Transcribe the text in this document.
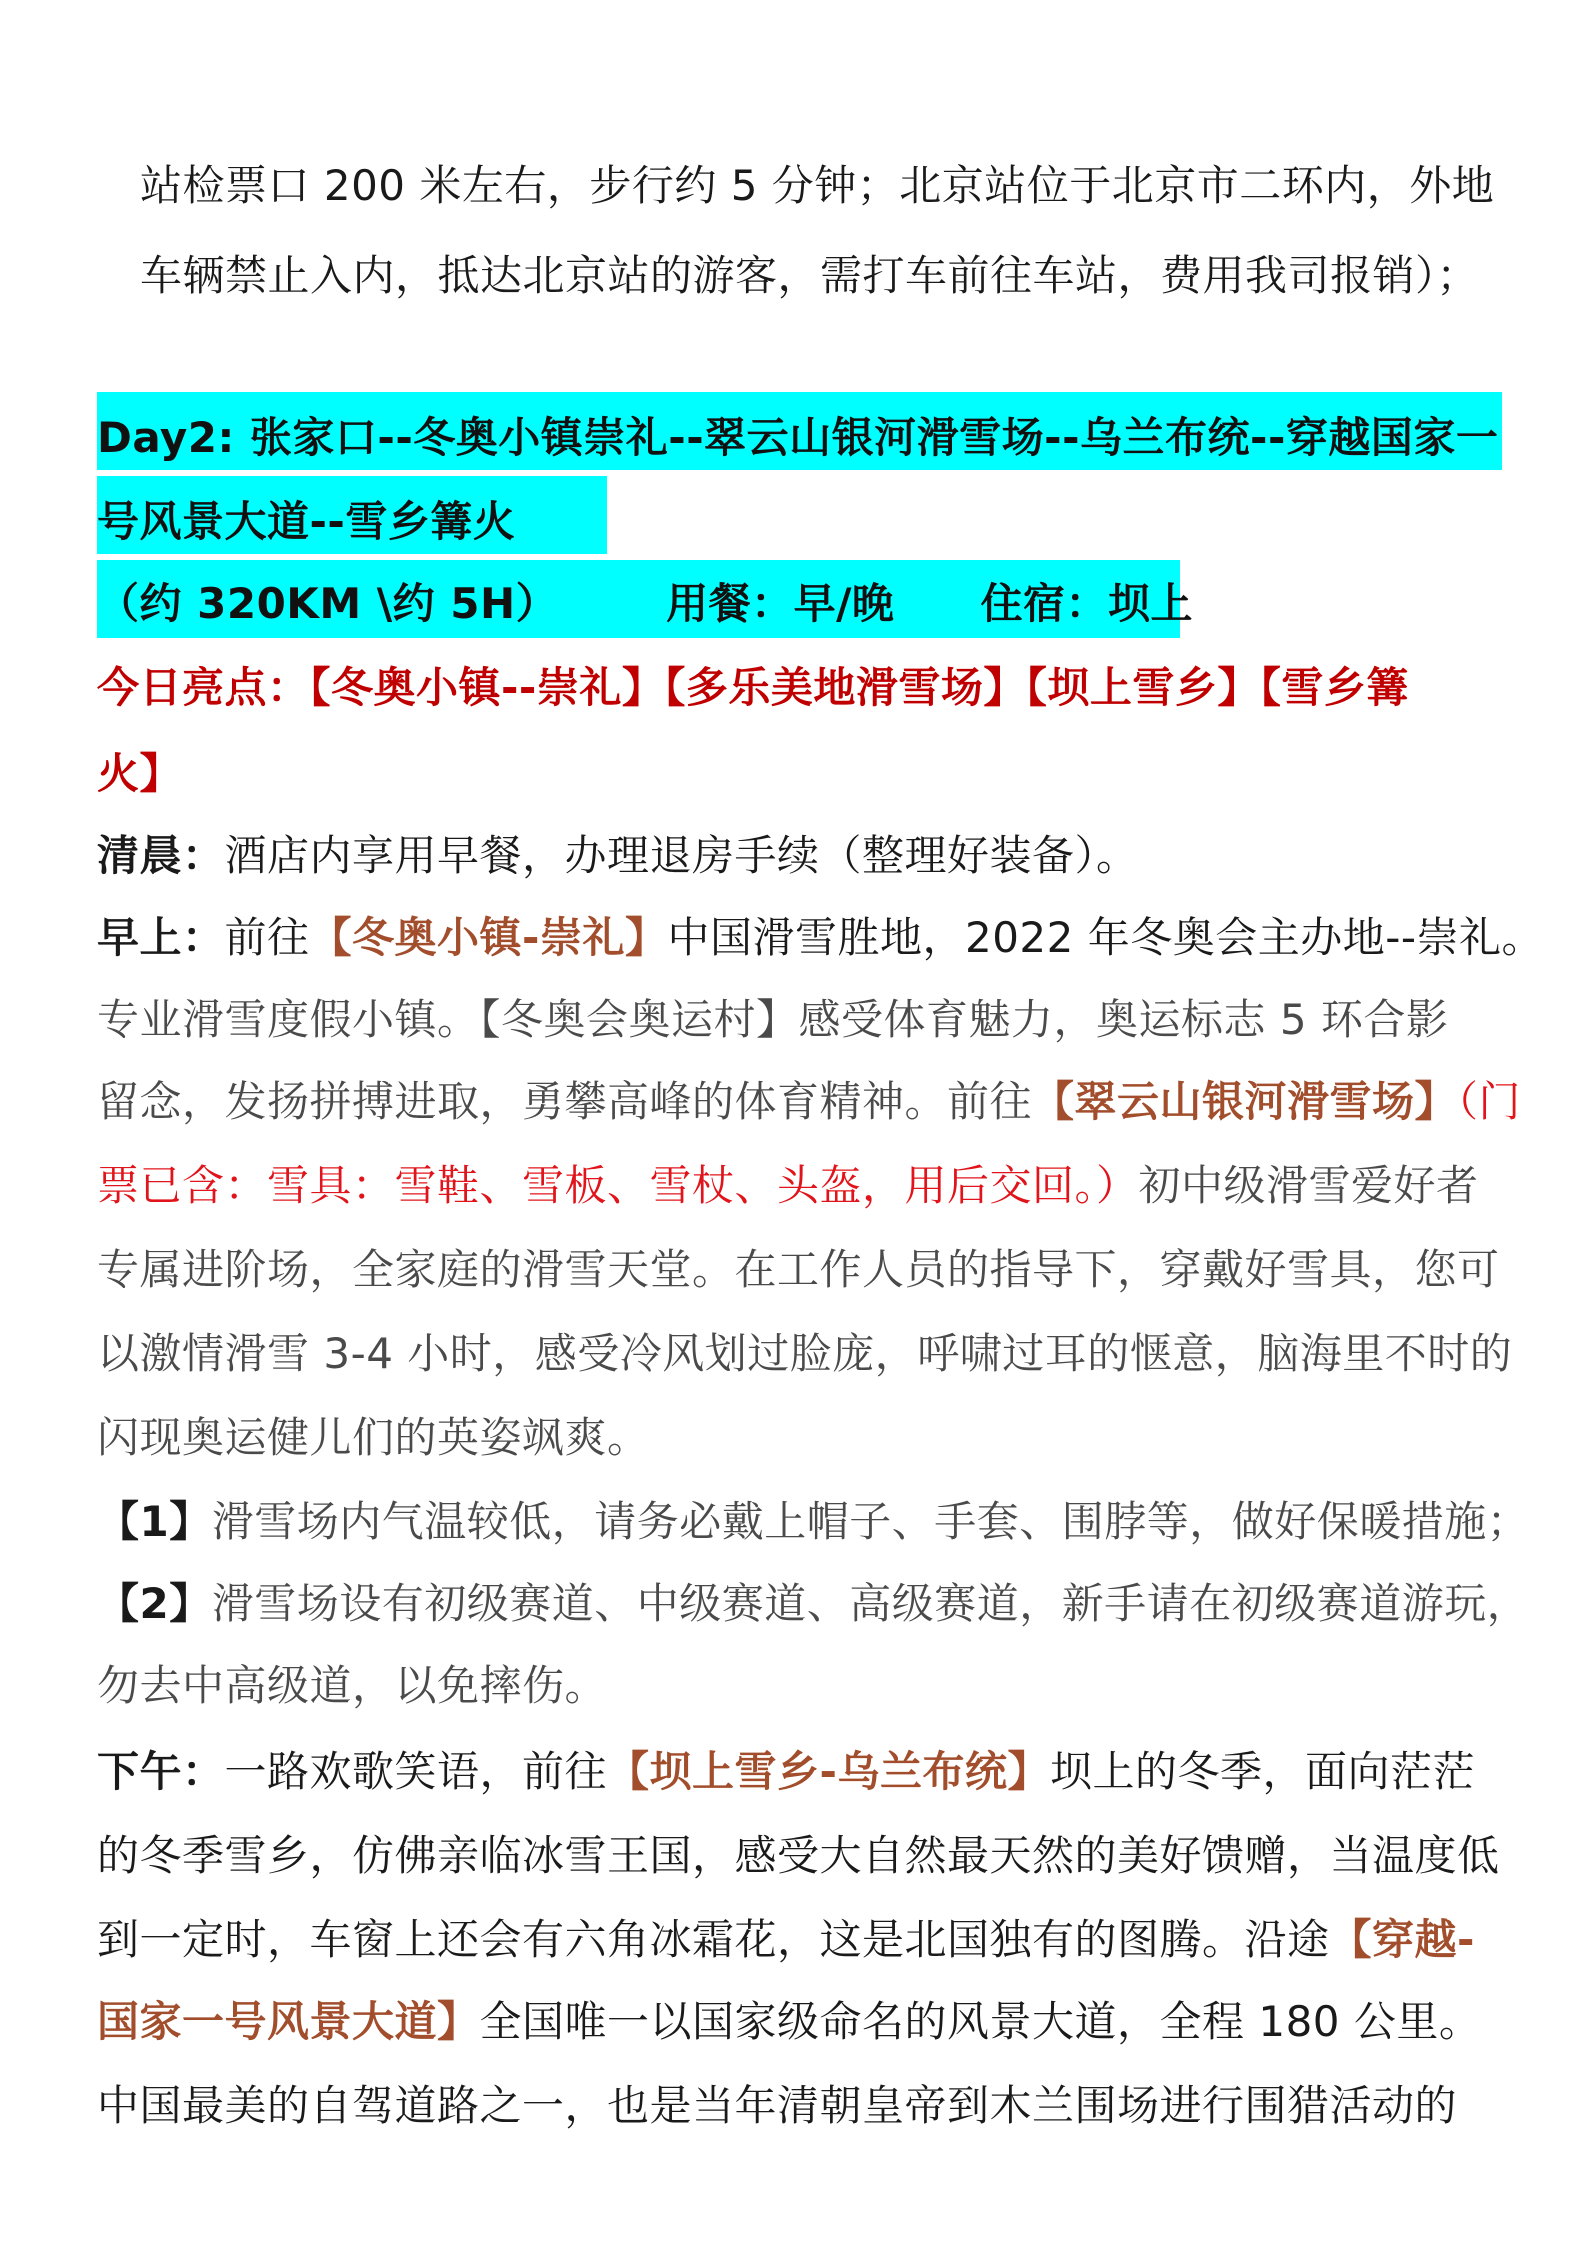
站检票口 200 米左右，步行约 5 分钟；北京站位于北京市二环内，外地
车辆禁止入内，抵达北京站的游客，需打车前往车站，费用我司报销）；
Day2: 张家口--冬奥小镇崇礼--翠云山银河滑雪场--乌兰布统--穿越国家一
号风景大道--雪乡篝火
（约 320KM \约 5H）	用餐：早/晚 住宿：坝上
今日亮点：【冬奥小镇--崇礼】【多乐美地滑雪场】【坝上雪乡】【雪乡篝
火】
清晨：酒店内享用早餐，办理退房手续（整理好装备）。
早上：前往【冬奥小镇-崇礼】中国滑雪胜地，2022 年冬奥会主办地--崇礼。
专业滑雪度假小镇。【冬奥会奥运村】感受体育魅力，奥运标志 5 环合影
留念，发扬拼搏进取，勇攀高峰的体育精神。前往【翠云山银河滑雪场】（门
票已含：雪具：雪鞋、雪板、雪杖、头盔，用后交回。）初中级滑雪爱好者
专属进阶场，全家庭的滑雪天堂。在工作人员的指导下，穿戴好雪具，您可
以激情滑雪 3-4 小时，感受冷风划过脸庞，呼啸过耳的惬意，脑海里不时的
闪现奥运健儿们的英姿飒爽。
【1】滑雪场内气温较低，请务必戴上帽子、手套、围脖等，做好保暖措施；
【2】滑雪场设有初级赛道、中级赛道、高级赛道，新手请在初级赛道游玩，
勿去中高级道，以免摔伤。
下午：一路欢歌笑语，前往【坝上雪乡-乌兰布统】坝上的冬季，面向茫茫
的冬季雪乡，仿佛亲临冰雪王国，感受大自然最天然的美好馈赠，当温度低
到一定时，车窗上还会有六角冰霜花，这是北国独有的图腾。沿途【穿越-
国家一号风景大道】全国唯一以国家级命名的风景大道，全程 180 公里。
中国最美的自驾道路之一，也是当年清朝皇帝到木兰围场进行围猎活动的
